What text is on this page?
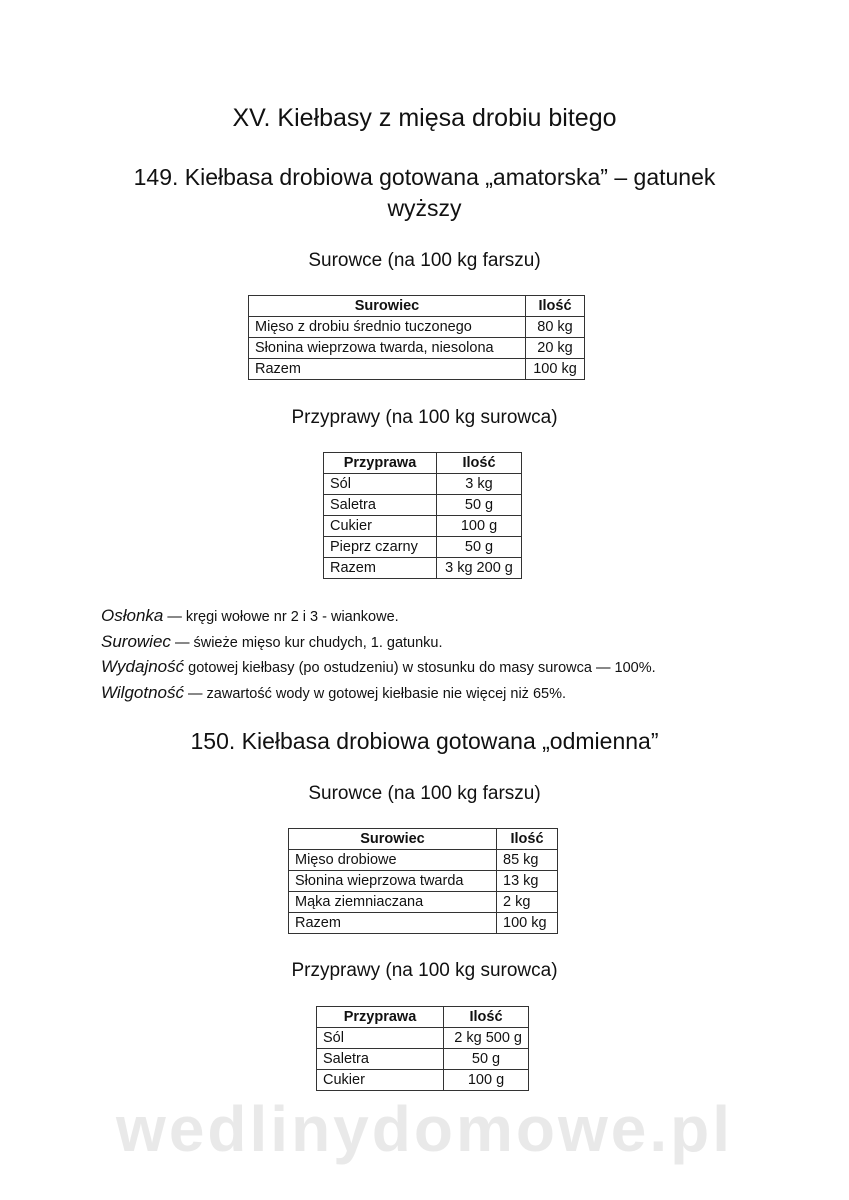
XV. Kiełbasy z mięsa drobiu bitego
149. Kiełbasa drobiowa gotowana „amatorska” – gatunek wyższy
Surowce (na 100 kg farszu)
Surowiec	Ilość
Mięso z drobiu średnio tuczonego	80 kg
Słonina wieprzowa twarda, niesolona	20 kg
Razem	100 kg
Przyprawy (na 100 kg surowca)
Przyprawa	Ilość
Sól	3 kg
Saletra	50 g
Cukier	100 g
Pieprz czarny	50 g
Razem	3 kg 200 g
Osłonka — kręgi wołowe nr 2 i 3 - wiankowe.
Surowiec — świeże mięso kur chudych, 1. gatunku.
Wydajność gotowej kiełbasy (po ostudzeniu) w stosunku do masy surowca — 100%.
Wilgotność — zawartość wody w gotowej kiełbasie nie więcej niż 65%.
150. Kiełbasa drobiowa gotowana „odmienna”
Surowce (na 100 kg farszu)
Surowiec	Ilość
Mięso drobiowe	85 kg
Słonina wieprzowa twarda	13 kg
Mąka ziemniaczana	2 kg
Razem	100 kg
Przyprawy (na 100 kg surowca)
Przyprawa	Ilość
Sól	2 kg 500 g
Saletra	50 g
Cukier	100 g
wedlinydomowe.pl
